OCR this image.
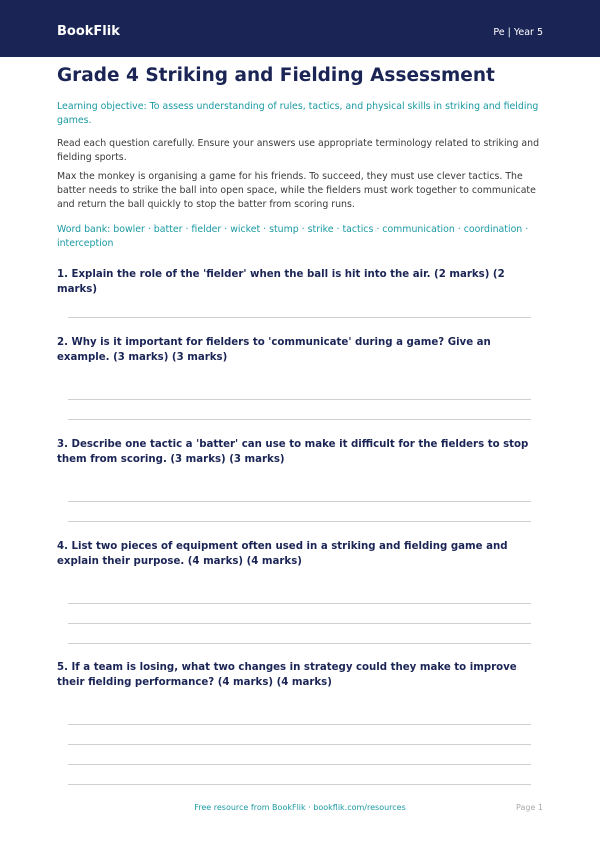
BookFlik	Pe | Year 5
Grade 4 Striking and Fielding Assessment
Learning objective: To assess understanding of rules, tactics, and physical skills in striking and fielding games.
Read each question carefully. Ensure your answers use appropriate terminology related to striking and fielding sports.
Max the monkey is organising a game for his friends. To succeed, they must use clever tactics. The batter needs to strike the ball into open space, while the fielders must work together to communicate and return the ball quickly to stop the batter from scoring runs.
Word bank: bowler · batter · fielder · wicket · stump · strike · tactics · communication · coordination · interception
1. Explain the role of the 'fielder' when the ball is hit into the air. (2 marks) (2 marks)
2. Why is it important for fielders to 'communicate' during a game? Give an example. (3 marks) (3 marks)
3. Describe one tactic a 'batter' can use to make it difficult for the fielders to stop them from scoring. (3 marks) (3 marks)
4. List two pieces of equipment often used in a striking and fielding game and explain their purpose. (4 marks) (4 marks)
5. If a team is losing, what two changes in strategy could they make to improve their fielding performance? (4 marks) (4 marks)
Free resource from BookFlik · bookflik.com/resources	Page 1
